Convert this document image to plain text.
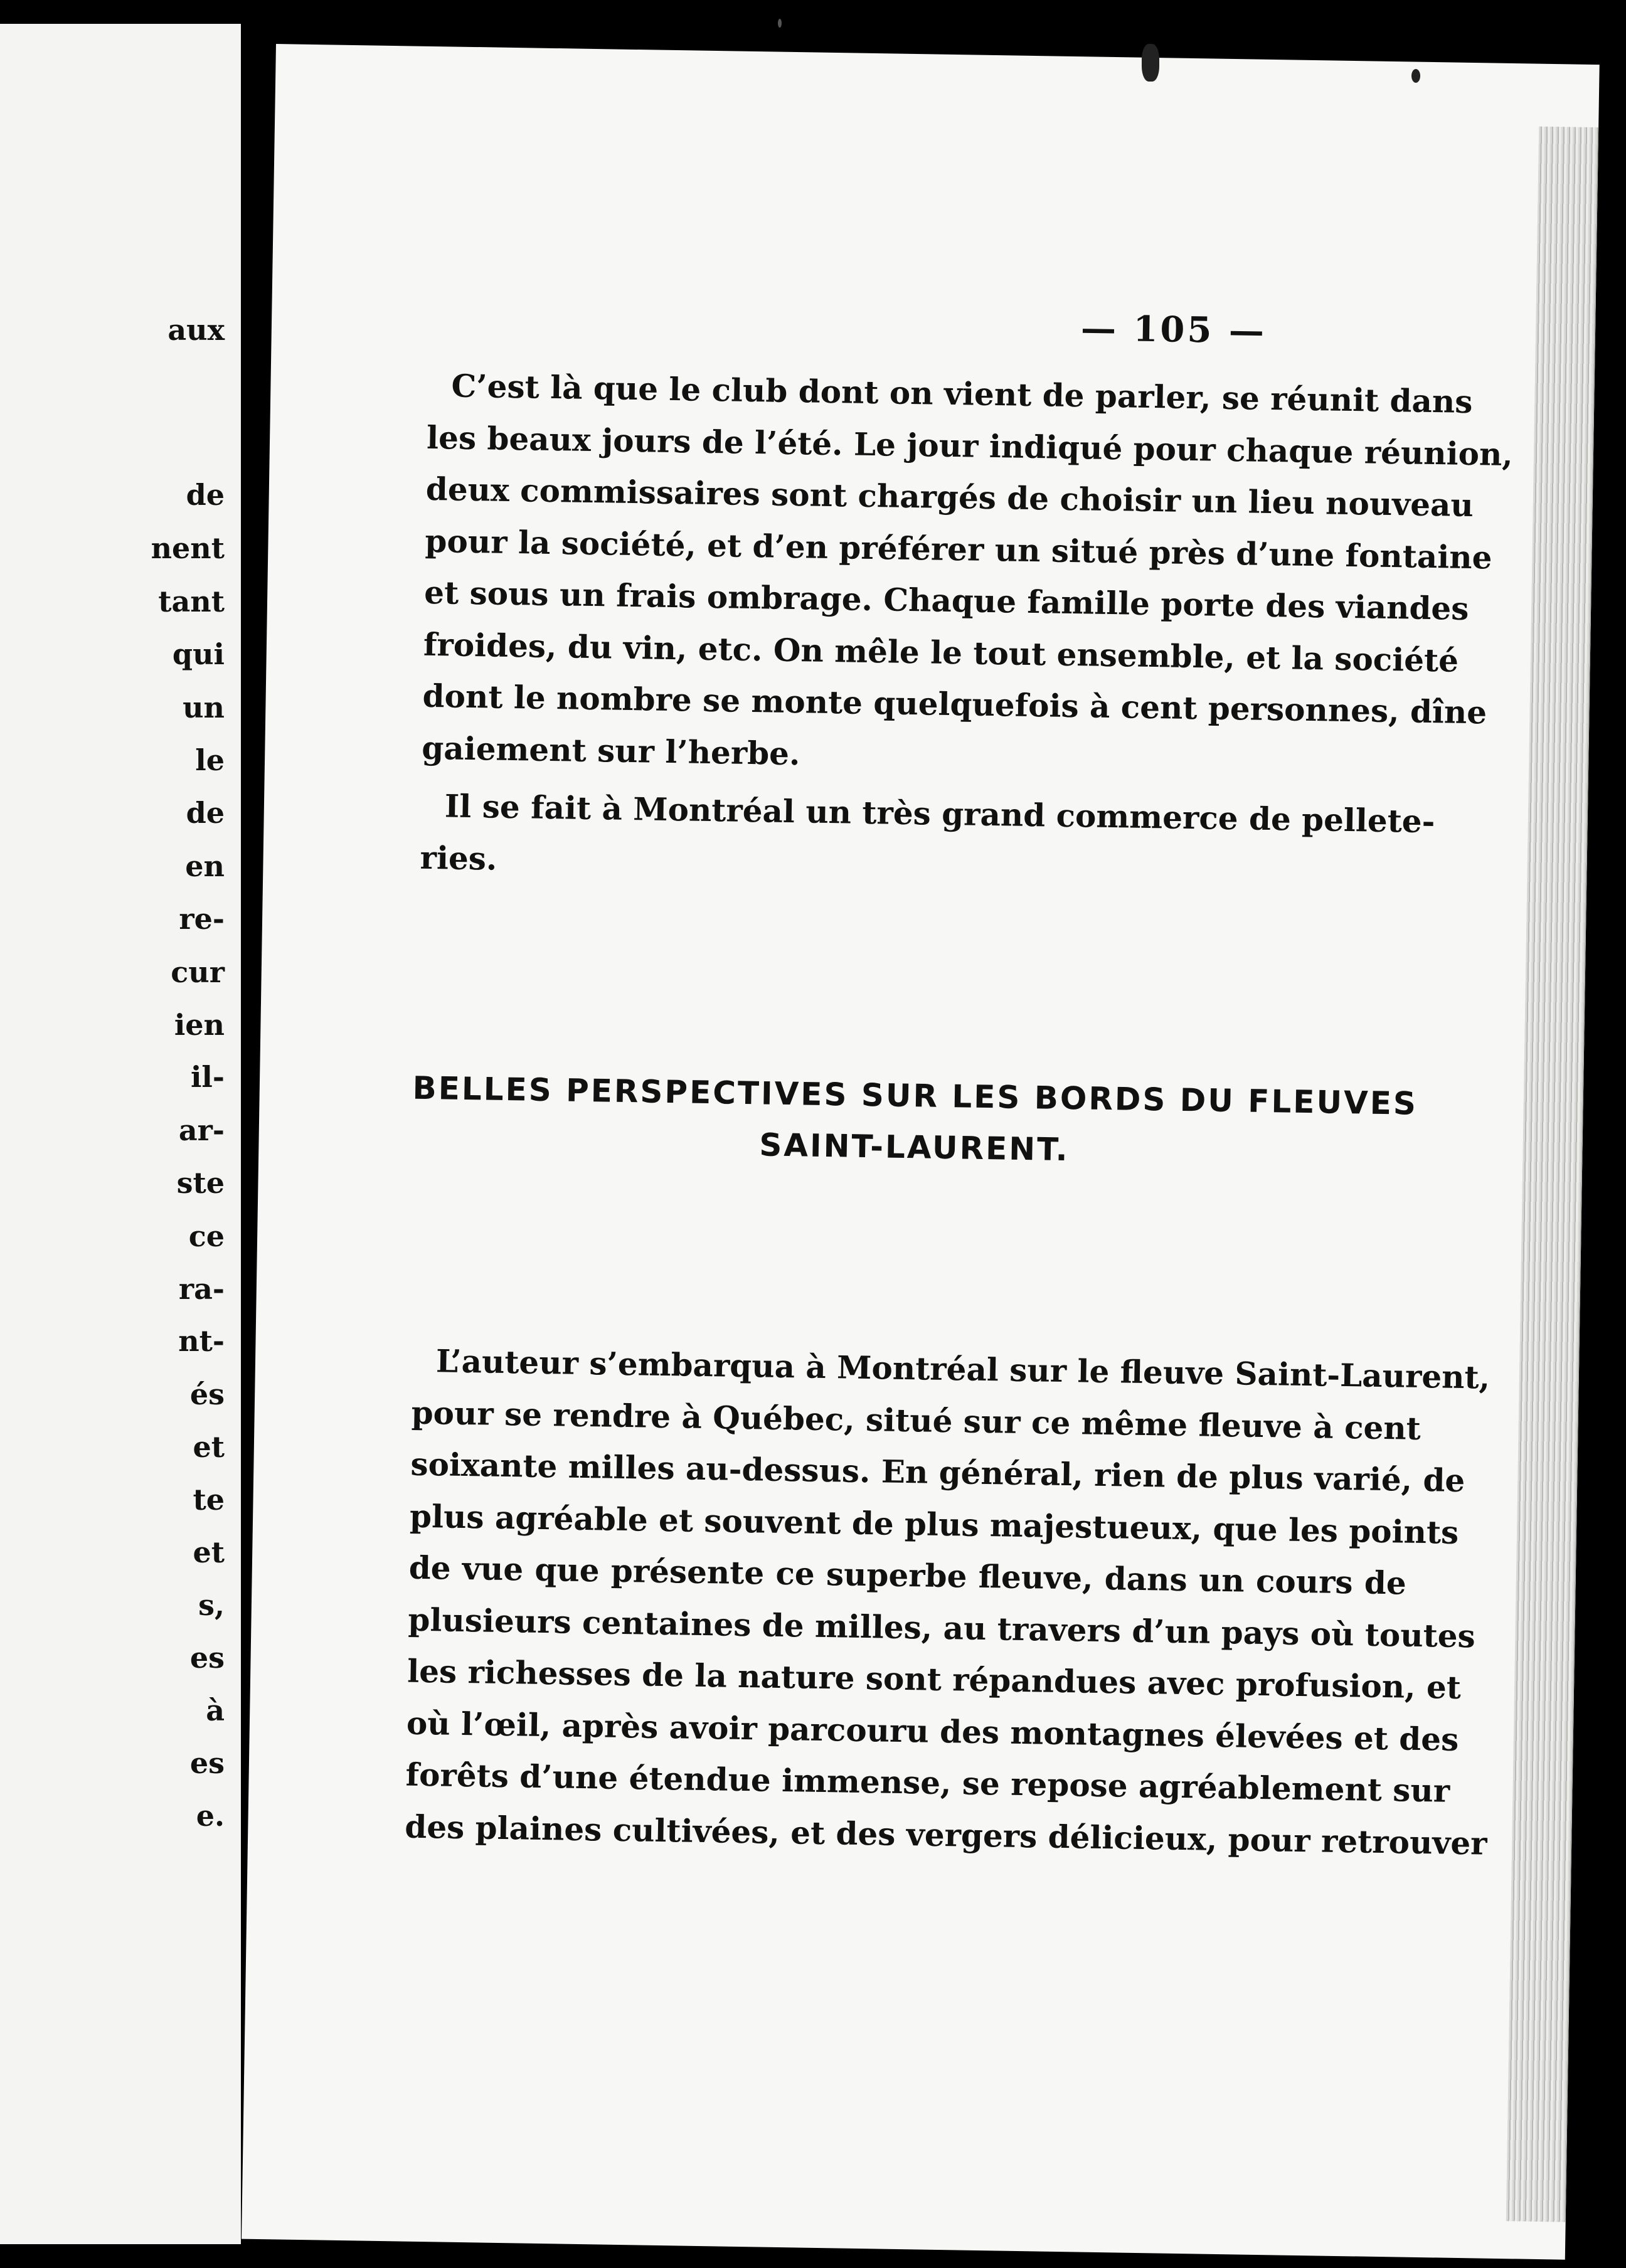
aux
de
nent
tant
qui
un
le
de
en
re-
cur
ien
il-
ar-
ste
ce
ra-
nt-
és
et
te
et
s,
es
à
es
e.
— 105 —
C’est là que le club dont on vient de parler, se réunit dans
les beaux jours de l’été. Le jour indiqué pour chaque réunion,
deux commissaires sont chargés de choisir un lieu nouveau
pour la société, et d’en préférer un situé près d’une fontaine
et sous un frais ombrage. Chaque famille porte des viandes
froides, du vin, etc. On mêle le tout ensemble, et la société
dont le nombre se monte quelquefois à cent personnes, dîne
gaiement sur l’herbe.
Il se fait à Montréal un très grand commerce de pellete-
ries.
BELLES PERSPECTIVES SUR LES BORDS DU FLEUVES
SAINT-LAURENT.
L’auteur s’embarqua à Montréal sur le fleuve Saint-Laurent,
pour se rendre à Québec, situé sur ce même fleuve à cent
soixante milles au-dessus. En général, rien de plus varié, de
plus agréable et souvent de plus majestueux, que les points
de vue que présente ce superbe fleuve, dans un cours de
plusieurs centaines de milles, au travers d’un pays où toutes
les richesses de la nature sont répandues avec profusion, et
où l’œil, après avoir parcouru des montagnes élevées et des
forêts d’une étendue immense, se repose agréablement sur
des plaines cultivées, et des vergers délicieux, pour retrouver
